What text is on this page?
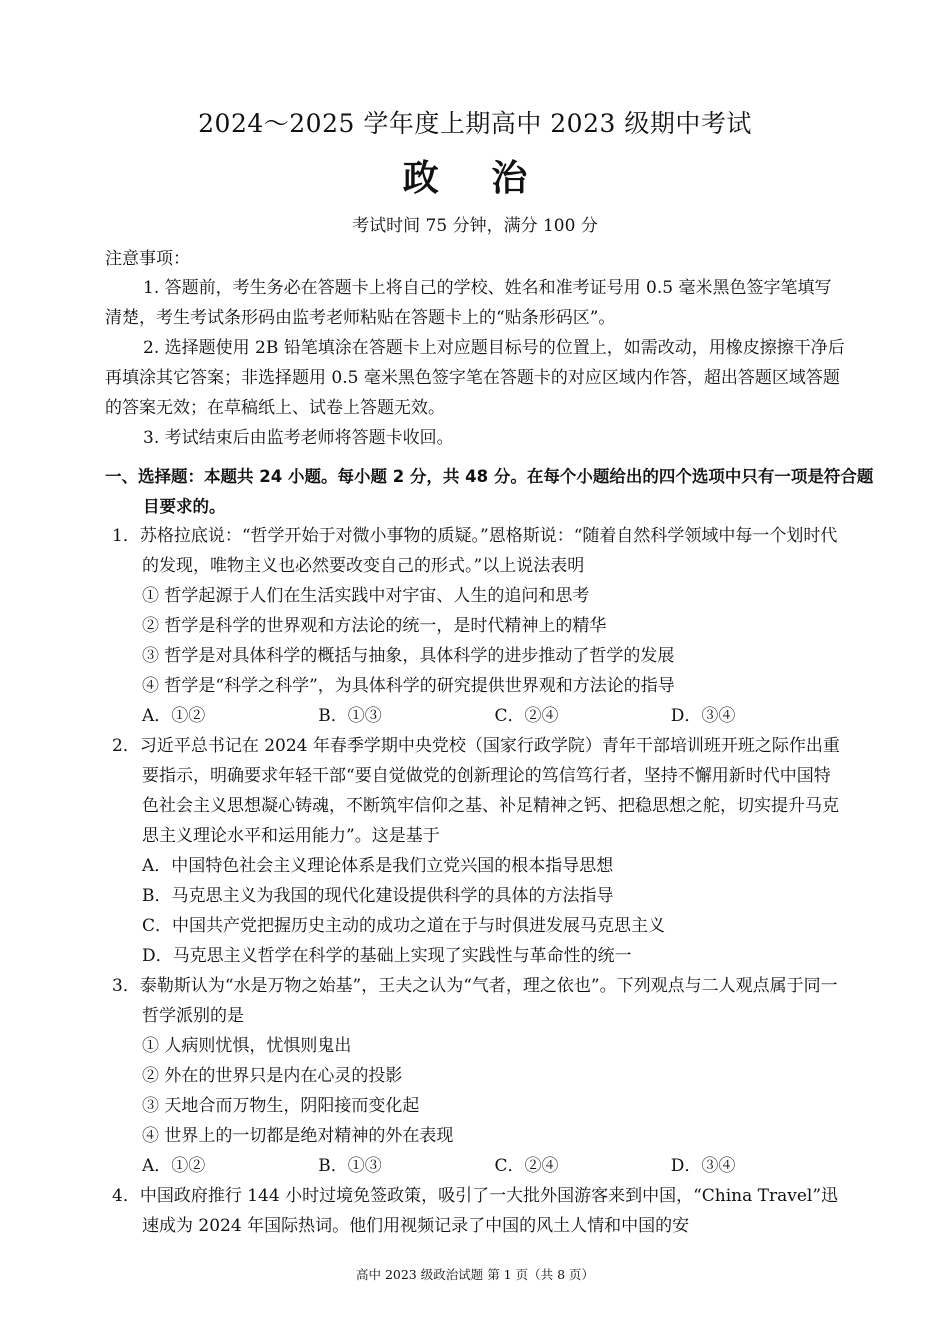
2024～2025 学年度上期高中 2023 级期中考试
政 治
考试时间 75 分钟，满分 100 分
注意事项：
1. 答题前，考生务必在答题卡上将自己的学校、姓名和准考证号用 0.5 毫米黑色签字笔填写清楚，考生考试条形码由监考老师粘贴在答题卡上的“贴条形码区”。
2. 选择题使用 2B 铅笔填涂在答题卡上对应题目标号的位置上，如需改动，用橡皮擦擦干净后再填涂其它答案；非选择题用 0.5 毫米黑色签字笔在答题卡的对应区域内作答，超出答题区域答题的答案无效；在草稿纸上、试卷上答题无效。
3. 考试结束后由监考老师将答题卡收回。
一、选择题：本题共 24 小题。每小题 2 分，共 48 分。在每个小题给出的四个选项中只有一项是符合题目要求的。
1．苏格拉底说：“哲学开始于对微小事物的质疑。”恩格斯说：“随着自然科学领域中每一个划时代的发现，唯物主义也必然要改变自己的形式。”以上说法表明
① 哲学起源于人们在生活实践中对宇宙、人生的追问和思考
② 哲学是科学的世界观和方法论的统一，是时代精神上的精华
③ 哲学是对具体科学的概括与抽象，具体科学的进步推动了哲学的发展
④ 哲学是“科学之科学”，为具体科学的研究提供世界观和方法论的指导
A．①②	B．①③	C．②④	D．③④
2．习近平总书记在 2024 年春季学期中央党校（国家行政学院）青年干部培训班开班之际作出重要指示，明确要求年轻干部“要自觉做党的创新理论的笃信笃行者，坚持不懈用新时代中国特色社会主义思想凝心铸魂，不断筑牢信仰之基、补足精神之钙、把稳思想之舵，切实提升马克思主义理论水平和运用能力”。这是基于
A．中国特色社会主义理论体系是我们立党兴国的根本指导思想
B．马克思主义为我国的现代化建设提供科学的具体的方法指导
C．中国共产党把握历史主动的成功之道在于与时俱进发展马克思主义
D．马克思主义哲学在科学的基础上实现了实践性与革命性的统一
3．泰勒斯认为“水是万物之始基”，王夫之认为“气者，理之依也”。下列观点与二人观点属于同一哲学派别的是
① 人病则忧惧，忧惧则鬼出
② 外在的世界只是内在心灵的投影
③ 天地合而万物生，阴阳接而变化起
④ 世界上的一切都是绝对精神的外在表现
A．①②	B．①③	C．②④	D．③④
4．中国政府推行 144 小时过境免签政策，吸引了一大批外国游客来到中国，“China Travel”迅速成为 2024 年国际热词。他们用视频记录了中国的风土人情和中国的安
高中 2023 级政治试题 第 1 页（共 8 页）
